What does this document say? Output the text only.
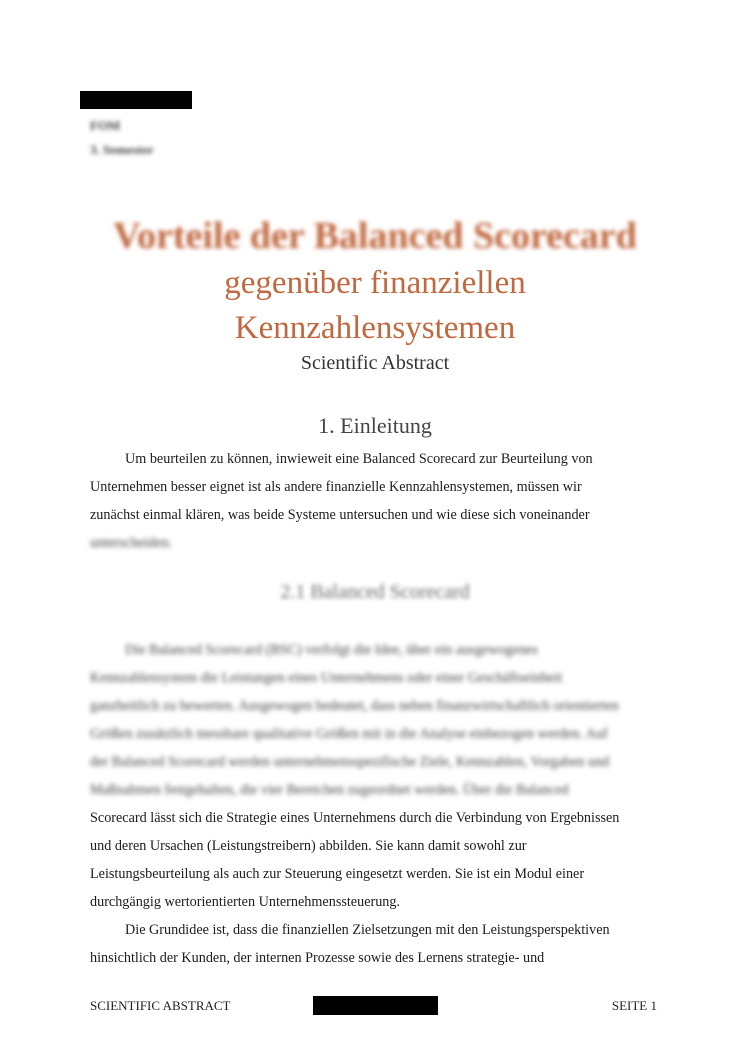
FOM
3. Semester
Vorteile der Balanced Scorecard
gegenüber finanziellen
Kennzahlensystemen
Scientific Abstract
1. Einleitung
Um beurteilen zu können, inwieweit eine Balanced Scorecard zur Beurteilung von
Unternehmen besser eignet ist als andere finanzielle Kennzahlensystemen, müssen wir
zunächst einmal klären, was beide Systeme untersuchen und wie diese sich voneinander
unterscheiden.
2.1 Balanced Scorecard
Die Balanced Scorecard (BSC) verfolgt die Idee, über ein ausgewogenes
Kennzahlensystem die Leistungen eines Unternehmens oder einer Geschäftseinheit
ganzheitlich zu bewerten. Ausgewogen bedeutet, dass neben finanzwirtschaftlich orientierten
Größen zusätzlich messbare qualitative Größen mit in die Analyse einbezogen werden. Auf
der Balanced Scorecard werden unternehmensspezifische Ziele, Kennzahlen, Vorgaben und
Maßnahmen festgehalten, die vier Bereichen zugeordnet werden. Über die Balanced
Scorecard lässt sich die Strategie eines Unternehmens durch die Verbindung von Ergebnissen
und deren Ursachen (Leistungstreibern) abbilden. Sie kann damit sowohl zur
Leistungsbeurteilung als auch zur Steuerung eingesetzt werden. Sie ist ein Modul einer
durchgängig wertorientierten Unternehmenssteuerung.
Die Grundidee ist, dass die finanziellen Zielsetzungen mit den Leistungsperspektiven
hinsichtlich der Kunden, der internen Prozesse sowie des Lernens strategie- und
SCIENTIFIC ABSTRACT	SEITE 1
